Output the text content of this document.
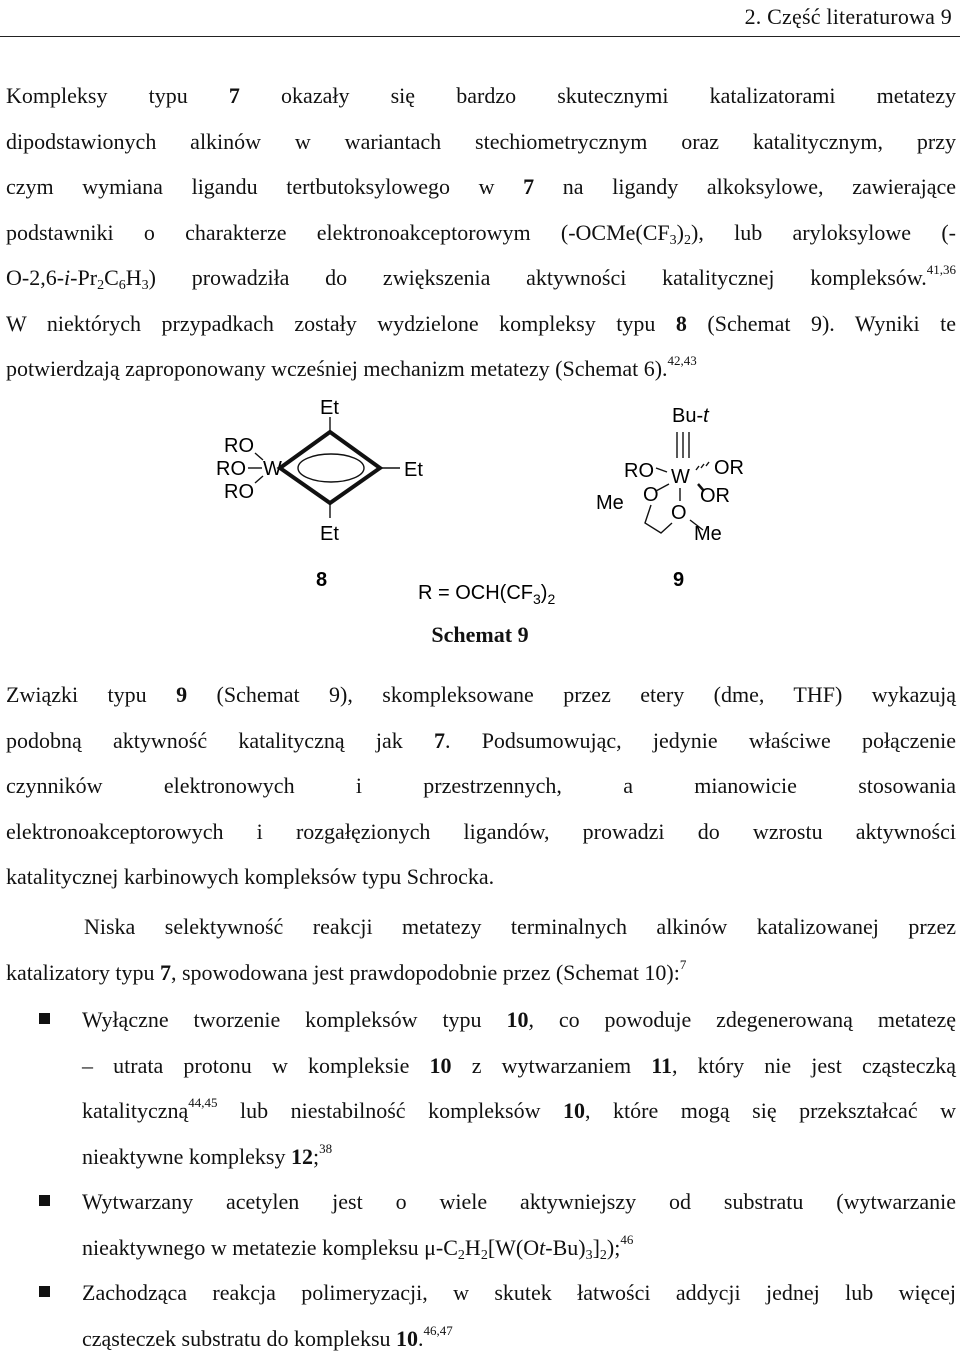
2. Część literaturowa 9
Kompleksy typu 7 okazały się bardzo skutecznymi katalizatorami metatezy
dipodstawionych alkinów w wariantach stechiometrycznym oraz katalitycznym, przy
czym wymiana ligandu tertbutoksylowego w 7 na ligandy alkoksylowe, zawierające
podstawniki o charakterze elektronoakceptorowym $(-OCMe(CF_3)_2)$, lub aryloksylowe (-
$O-2,6-i-Pr_2C_6H_3$) prowadziła do zwiększenia aktywności katalitycznej kompleksów.$^{41,36}$
W niektórych przypadkach zostały wydzielone kompleksy typu 8 (Schemat 9). Wyniki te
potwierdzają zaproponowany wcześniej mechanizm metatezy (Schemat 6).$^{42,43}$
RO
RO
RO
W
Et
Et
Et
8
$R = OCH(CF_3)_2$
Bu-t
RO W OR
OR
Me O
O
Me
9
Schemat 9
Związki typu 9 (Schemat 9), skompleksowane przez etery (dme, THF) wykazują
podobną aktywność katalityczną jak 7. Podsumowując, jedynie właściwe połączenie
czynników elektronowych i przestrzennych, a mianowicie stosowania
elektronoakceptorowych i rozgałęzionych ligandów, prowadzi do wzrostu aktywności
katalitycznej karbinowych kompleksów typu Schrocka.
Niska selektywność reakcji metatezy terminalnych alkinów katalizowanej przez
katalizatory typu 7, spowodowana jest prawdopodobnie przez (Schemat 10):$^7$
Wyłączne tworzenie kompleksów typu 10, co powoduje zdegenerowaną metatezę
– utrata protonu w kompleksie 10 z wytwarzaniem 11, który nie jest cząsteczką
katalityczną$^{44,45}$ lub niestabilność kompleksów 10, które mogą się przekształcać w
nieaktywne kompleksy 12;$^{38}$
Wytwarzany acetylen jest o wiele aktywniejszy od substratu (wytwarzanie
nieaktywnego w metatezie kompleksu $\mu-C_2H_2[W(Ot-Bu)_3]_2);^{46}$
Zachodząca reakcja polimeryzacji, w skutek łatwości addycji jednej lub więcej
cząsteczek substratu do kompleksu 10.$^{46,47}$
